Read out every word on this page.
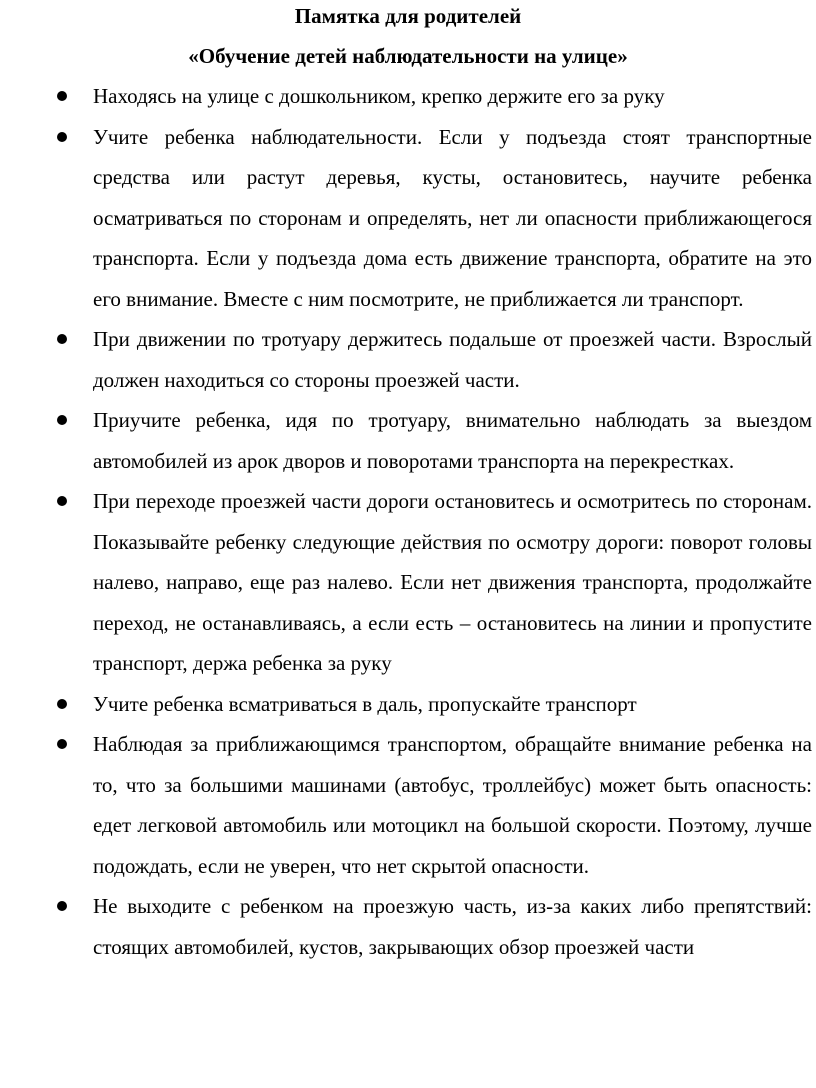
Памятка для родителей
«Обучение детей наблюдательности на улице»
Находясь на улице с дошкольником, крепко держите его за руку
Учите ребенка наблюдательности. Если у подъезда стоят транспортные средства или растут деревья, кусты, остановитесь, научите ребенка осматриваться по сторонам и определять, нет ли опасности приближающегося транспорта. Если у подъезда дома есть движение транспорта, обратите на это его внимание. Вместе с ним посмотрите, не приближается ли транспорт.
При движении по тротуару держитесь подальше от проезжей части. Взрослый должен находиться со стороны проезжей части.
Приучите ребенка, идя по тротуару, внимательно наблюдать за выездом автомобилей из арок дворов и поворотами транспорта на перекрестках.
При переходе проезжей части дороги остановитесь и осмотритесь по сторонам. Показывайте ребенку следующие действия по осмотру дороги: поворот головы налево, направо, еще раз налево. Если нет движения транспорта, продолжайте переход, не останавливаясь, а если есть – остановитесь на линии и пропустите транспорт, держа ребенка за руку
Учите ребенка всматриваться в даль, пропускайте транспорт
Наблюдая за приближающимся транспортом, обращайте внимание ребенка на то, что за большими машинами (автобус, троллейбус) может быть опасность: едет легковой автомобиль или мотоцикл на большой скорости. Поэтому, лучше подождать, если не уверен, что нет скрытой опасности.
Не выходите с ребенком на проезжую часть, из-за каких либо препятствий: стоящих автомобилей, кустов, закрывающих обзор проезжей части
